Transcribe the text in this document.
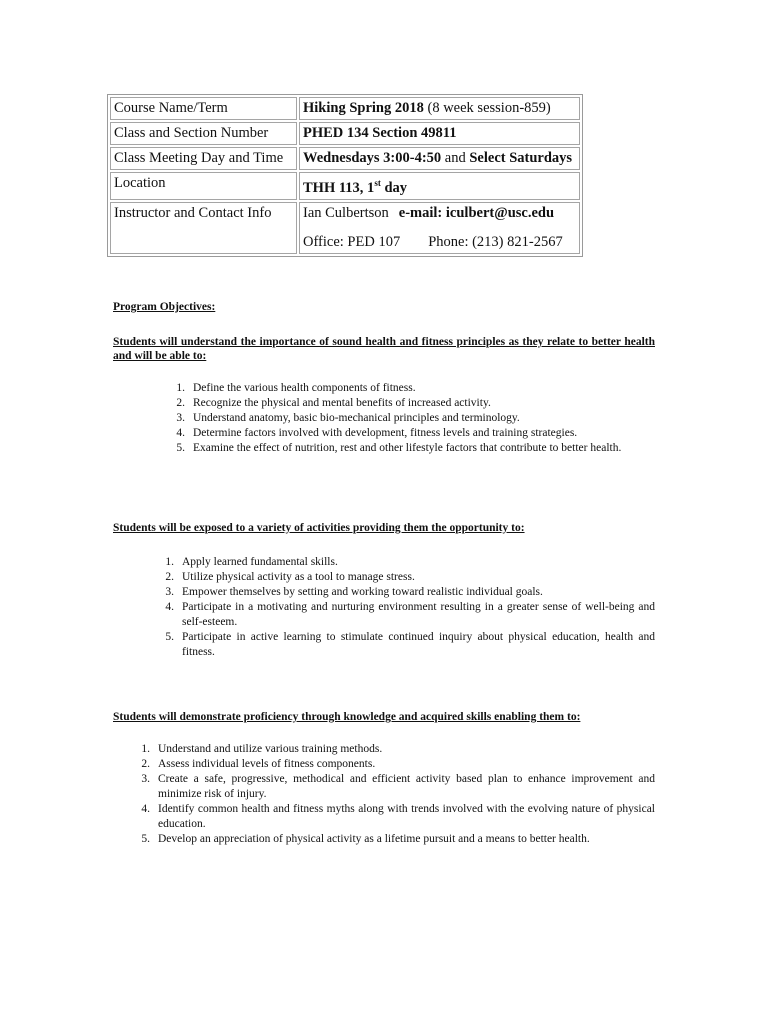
Course Name/Term	Hiking Spring 2018 (8 week session-859)
Class and Section Number	PHED 134 Section 49811
Class Meeting Day and Time	Wednesdays 3:00-4:50 and Select Saturdays
Location	THH 113, 1st day
Instructor and Contact Info	Ian Culbertson e-mail: iculbert@usc.edu
Office: PED 107 Phone: (213) 821-2567

Program Objectives:

Students will understand the importance of sound health and fitness principles as they relate to better health and will be able to:

1. Define the various health components of fitness.
2. Recognize the physical and mental benefits of increased activity.
3. Understand anatomy, basic bio-mechanical principles and terminology.
4. Determine factors involved with development, fitness levels and training strategies.
5. Examine the effect of nutrition, rest and other lifestyle factors that contribute to better health.

Students will be exposed to a variety of activities providing them the opportunity to:

1. Apply learned fundamental skills.
2. Utilize physical activity as a tool to manage stress.
3. Empower themselves by setting and working toward realistic individual goals.
4. Participate in a motivating and nurturing environment resulting in a greater sense of well-being and self-esteem.
5. Participate in active learning to stimulate continued inquiry about physical education, health and fitness.

Students will demonstrate proficiency through knowledge and acquired skills enabling them to:

1. Understand and utilize various training methods.
2. Assess individual levels of fitness components.
3. Create a safe, progressive, methodical and efficient activity based plan to enhance improvement and minimize risk of injury.
4. Identify common health and fitness myths along with trends involved with the evolving nature of physical education.
5. Develop an appreciation of physical activity as a lifetime pursuit and a means to better health.
